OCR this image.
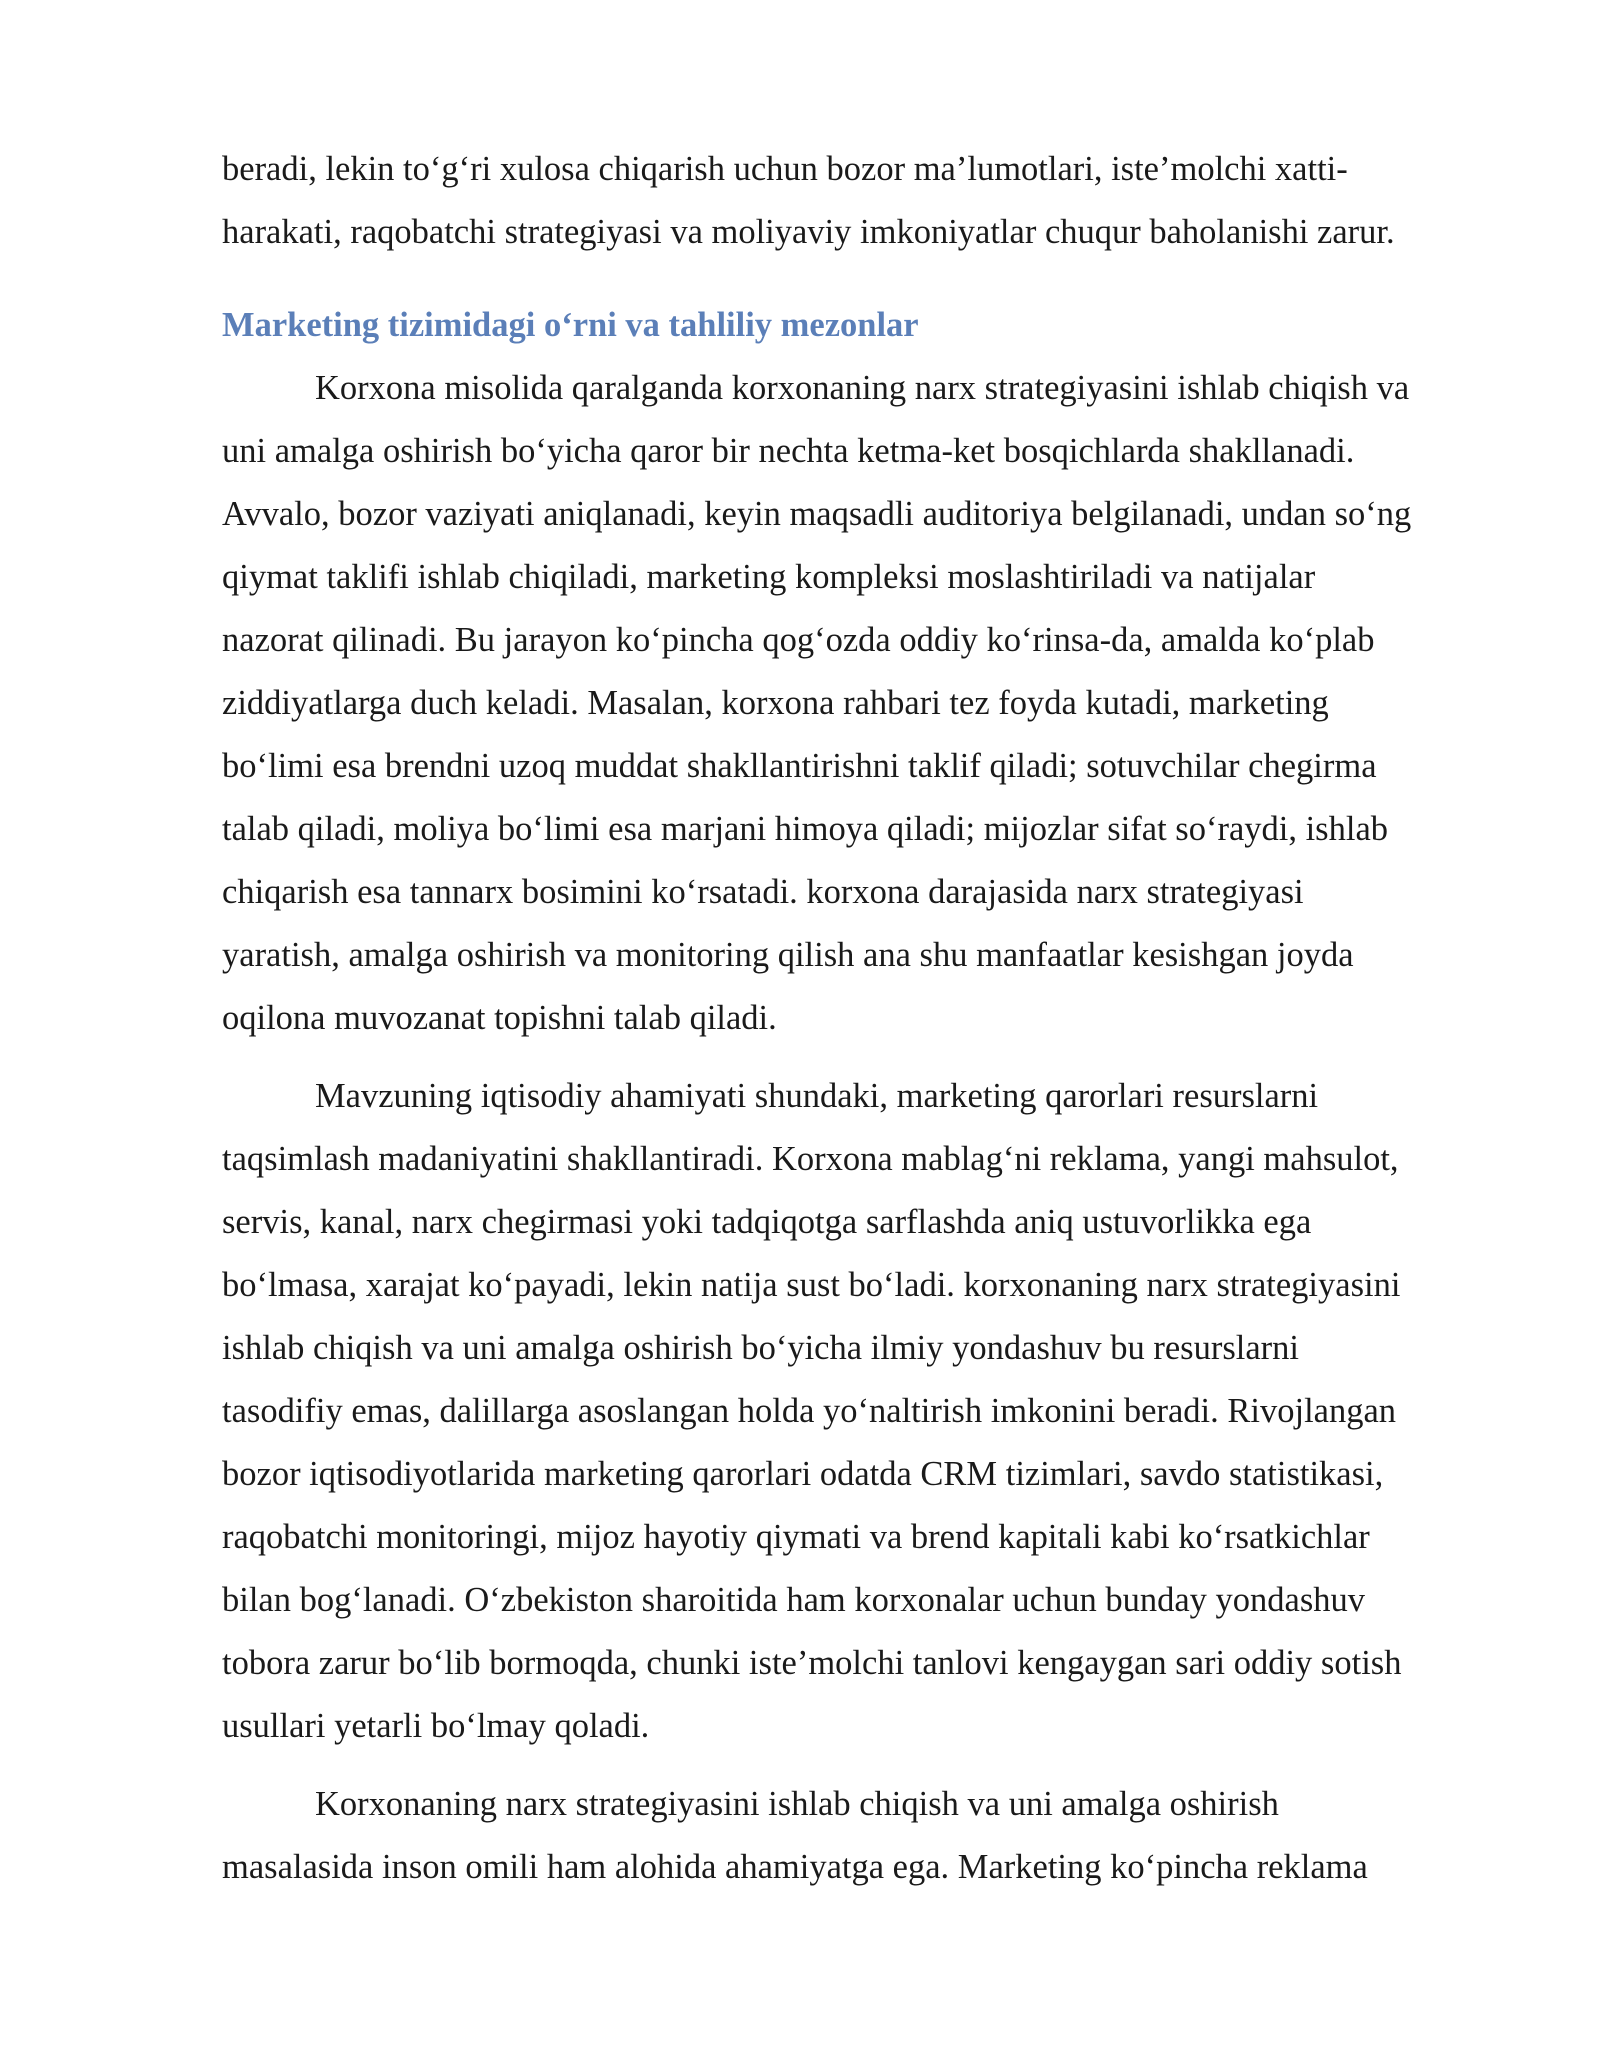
beradi, lekin to‘g‘ri xulosa chiqarish uchun bozor ma’lumotlari, iste’molchi xatti-
harakati, raqobatchi strategiyasi va moliyaviy imkoniyatlar chuqur baholanishi zarur.
Marketing tizimidagi o‘rni va tahliliy mezonlar
Korxona misolida qaralganda korxonaning narx strategiyasini ishlab chiqish va
uni amalga oshirish bo‘yicha qaror bir nechta ketma-ket bosqichlarda shakllanadi.
Avvalo, bozor vaziyati aniqlanadi, keyin maqsadli auditoriya belgilanadi, undan so‘ng
qiymat taklifi ishlab chiqiladi, marketing kompleksi moslashtiriladi va natijalar
nazorat qilinadi. Bu jarayon ko‘pincha qog‘ozda oddiy ko‘rinsa-da, amalda ko‘plab
ziddiyatlarga duch keladi. Masalan, korxona rahbari tez foyda kutadi, marketing
bo‘limi esa brendni uzoq muddat shakllantirishni taklif qiladi; sotuvchilar chegirma
talab qiladi, moliya bo‘limi esa marjani himoya qiladi; mijozlar sifat so‘raydi, ishlab
chiqarish esa tannarx bosimini ko‘rsatadi. korxona darajasida narx strategiyasi
yaratish, amalga oshirish va monitoring qilish ana shu manfaatlar kesishgan joyda
oqilona muvozanat topishni talab qiladi.
Mavzuning iqtisodiy ahamiyati shundaki, marketing qarorlari resurslarni
taqsimlash madaniyatini shakllantiradi. Korxona mablag‘ni reklama, yangi mahsulot,
servis, kanal, narx chegirmasi yoki tadqiqotga sarflashda aniq ustuvorlikka ega
bo‘lmasa, xarajat ko‘payadi, lekin natija sust bo‘ladi. korxonaning narx strategiyasini
ishlab chiqish va uni amalga oshirish bo‘yicha ilmiy yondashuv bu resurslarni
tasodifiy emas, dalillarga asoslangan holda yo‘naltirish imkonini beradi. Rivojlangan
bozor iqtisodiyotlarida marketing qarorlari odatda CRM tizimlari, savdo statistikasi,
raqobatchi monitoringi, mijoz hayotiy qiymati va brend kapitali kabi ko‘rsatkichlar
bilan bog‘lanadi. O‘zbekiston sharoitida ham korxonalar uchun bunday yondashuv
tobora zarur bo‘lib bormoqda, chunki iste’molchi tanlovi kengaygan sari oddiy sotish
usullari yetarli bo‘lmay qoladi.
Korxonaning narx strategiyasini ishlab chiqish va uni amalga oshirish
masalasida inson omili ham alohida ahamiyatga ega. Marketing ko‘pincha reklama
